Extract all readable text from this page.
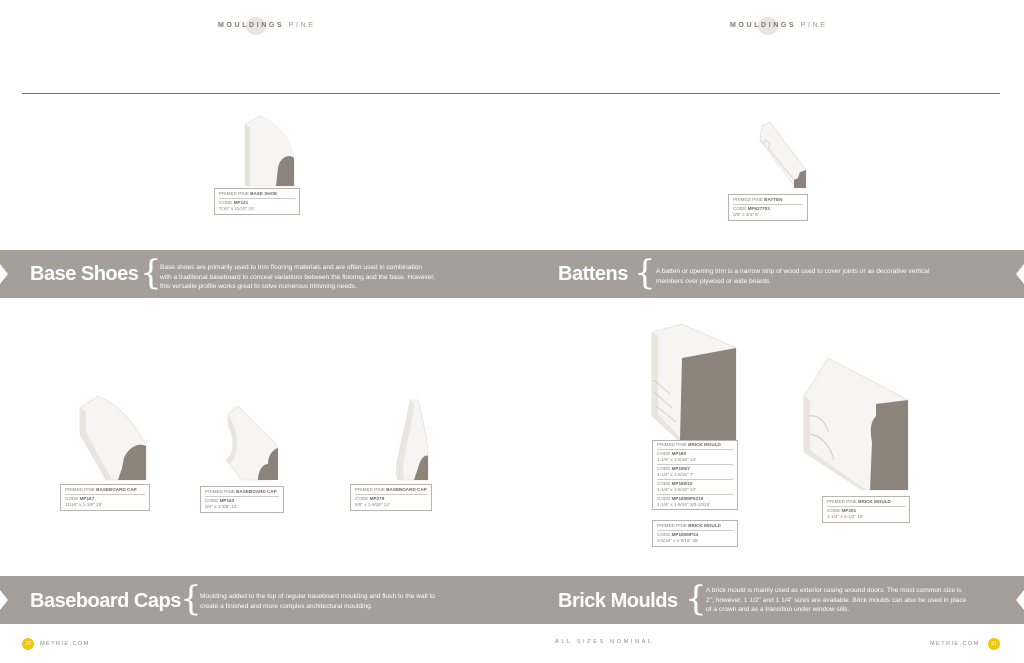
MOULDINGS PINE	MOULDINGS PINE
PRIMED PINE BASE SHOE
CODE MP121
7/16" x 11/16" 16'
PRIMED PINE BATTEN
CODE MP627703
3/8" x 3/4" 8'
Base Shoes {
Base shoes are primarily used to trim flooring materials and are often used in combination with a traditional baseboard to conceal variations between the flooring and the base. However, this versatile profile works great to solve numerous trimming needs.
Battens { A batten or opening trim is a narrow strip of wood used to cover joints or as decorative vertical members over plywood or wide boards.
PRIMED PINE BASEBOARD CAP
CODE MP167
11/16" x 1-1/8" 16'
PRIMED PINE BASEBOARD CAP
CODE MP163
3/4" x 1-3/8" 14'
PRIMED PINE BASEBOARD CAP
CODE MP279
5/8" x 1-9/16" 14'
PRIMED PINE BRICK MOULD
CODE MP180
1-1/4" x 1-9/16" 14'
CODE MP180/7
1-1/4" x 1-9/16" 7'
CODE MP180/10
1-1/4" x 1-9/16" 10'
CODE MP180MP6219
1-1/4" x 1-9/16" 3/2-10/16'
PRIMED PINE BRICK MOULD
CODE MP180MP24
1-5/16" x 1-9/16" 48'
PRIMED PINE BRICK MOULD
CODE MP201
1-1/4" x 2-1/2" 15'
Baseboard Caps {
Moulding added to the top of regular baseboard moulding and flush to the wall to create a finished and more complex architectural moulding.	Brick Moulds { A brick mould is mainly used as exterior casing around doors. The most common size is 2"; however, 1 1/2" and 1 1/4" sizes are available. Brick moulds can also be used in place of a crown and as a transition under window sills.
20	METRIE.COM	ALL SIZES NOMINAL	METRIE.COM	21
